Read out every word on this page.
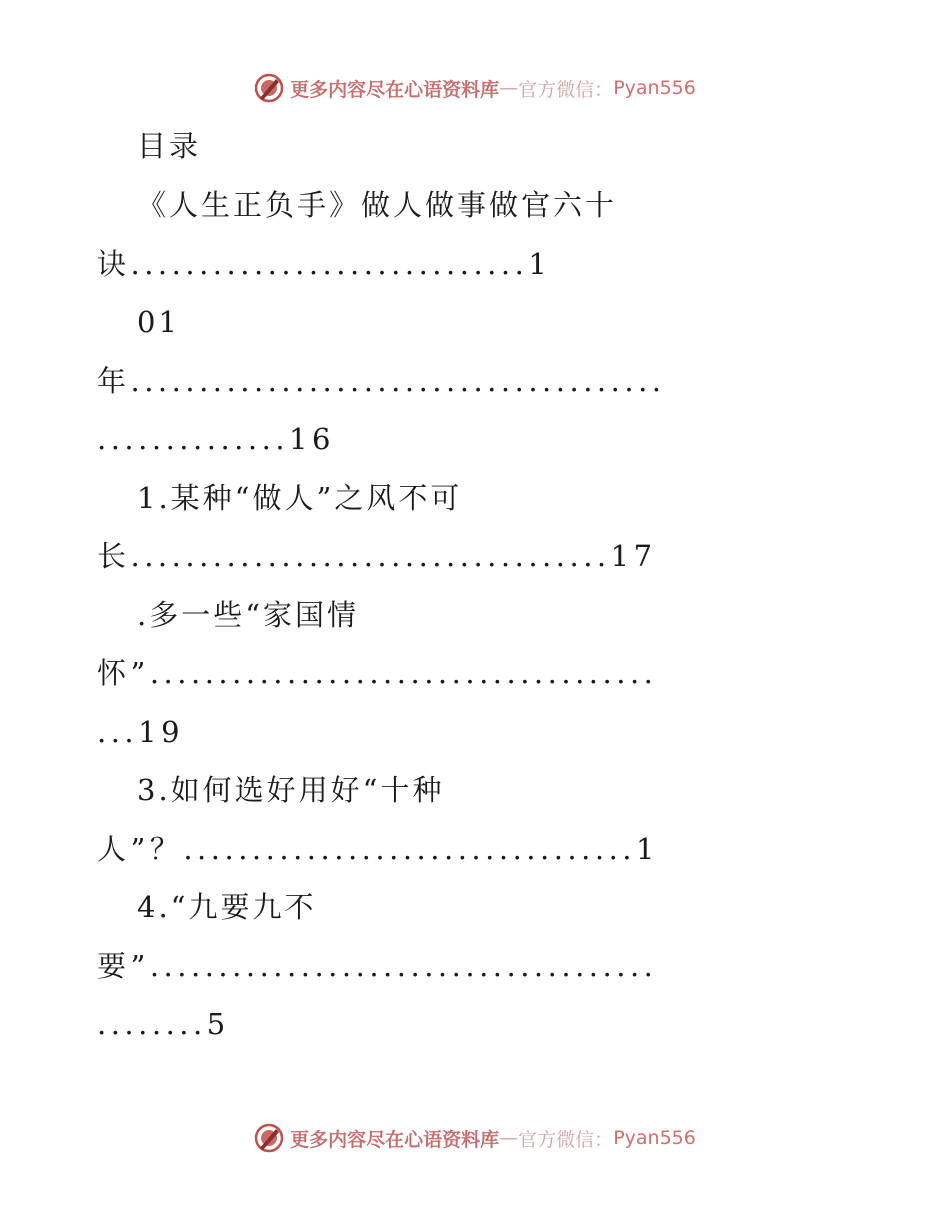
更多内容尽在心语资料库 — 官方微信： Pyan556
目录
《人生正负手》做人做事做官六十
诀.............................1
01
年.......................................
..............16
1.某种“做人”之风不可
长...................................17
.多一些“家国情
怀”.....................................
...19
3.如何选好用好“十种
人”？.................................1
4.“九要九不
要”.....................................
........5
更多内容尽在心语资料库 — 官方微信： Pyan556
